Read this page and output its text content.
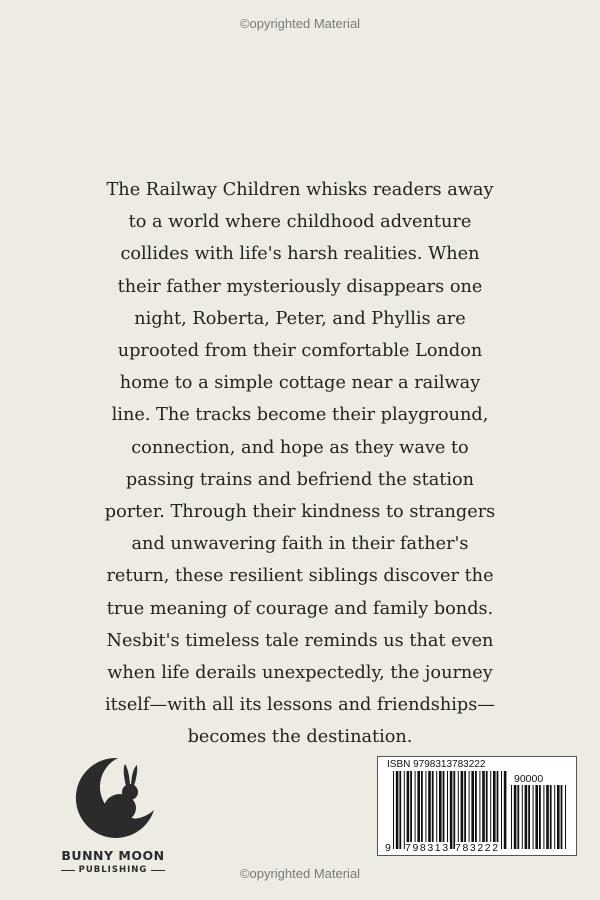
©opyrighted Material
The Railway Children whisks readers away
to a world where childhood adventure
collides with life's harsh realities. When
their father mysteriously disappears one
night, Roberta, Peter, and Phyllis are
uprooted from their comfortable London
home to a simple cottage near a railway
line. The tracks become their playground,
connection, and hope as they wave to
passing trains and befriend the station
porter. Through their kindness to strangers
and unwavering faith in their father's
return, these resilient siblings discover the
true meaning of courage and family bonds.
Nesbit's timeless tale reminds us that even
when life derails unexpectedly, the journey
itself—with all its lessons and friendships—
becomes the destination.
BUNNY MOON
PUBLISHING
ISBN 9798313783222
90000
9 798313 783222
©opyrighted Material
